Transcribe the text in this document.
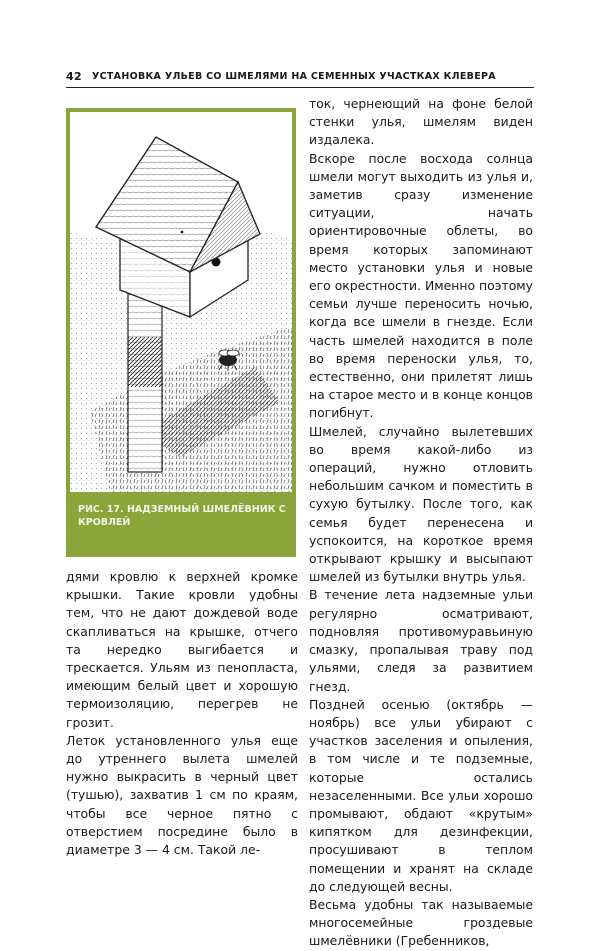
42 УСТАНОВКА УЛЬЕВ СО ШМЕЛЯМИ НА СЕМЕННЫХ УЧАСТКАХ КЛЕВЕРА
РИС. 17. НАДЗЕМНЫЙ ШМЕЛЁВНИК С КРОВЛЕЙ

дями кровлю к верхней кромке крышки. Такие кровли удобны тем, что не дают дождевой воде скапливаться на крышке, отчего та нередко выгибается и трескается. Ульям из пенопласта, имеющим белый цвет и хорошую термоизоляцию, перегрев не грозит.

Леток установленного улья еще до утреннего вылета шмелей нужно выкрасить в черный цвет (тушью), захватив 1 см по краям, чтобы все черное пятно с отверстием посредине было в диаметре 3 — 4 см. Такой ле-

ток, чернеющий на фоне белой стенки улья, шмелям виден издалека.

Вскоре после восхода солнца шмели могут выходить из улья и, заметив сразу изменение ситуации, начать ориентировочные облеты, во время которых запоминают место установки улья и новые его окрестности. Именно поэтому семьи лучше переносить ночью, когда все шмели в гнезде. Если часть шмелей находится в поле во время переноски улья, то, естественно, они прилетят лишь на старое место и в конце концов погибнут.

Шмелей, случайно вылетевших во время какой-либо из операций, нужно отловить небольшим сачком и поместить в сухую бутылку. После того, как семья будет перенесена и успокоится, на короткое время открывают крышку и высыпают шмелей из бутылки внутрь улья.

В течение лета надземные ульи регулярно осматривают, подновляя противомуравьиную смазку, пропалывая траву под ульями, следя за развитием гнезд.

Поздней осенью (октябрь — ноябрь) все ульи убирают с участков заселения и опыления, в том числе и те подземные, которые остались незаселенными. Все ульи хорошо промывают, обдают «крутым» кипятком для дезинфекции, просушивают в теплом помещении и хранят на складе до следующей весны.

Весьма удобны так называемые многосемейные гроздевые шмелёвники (Гребенников,
